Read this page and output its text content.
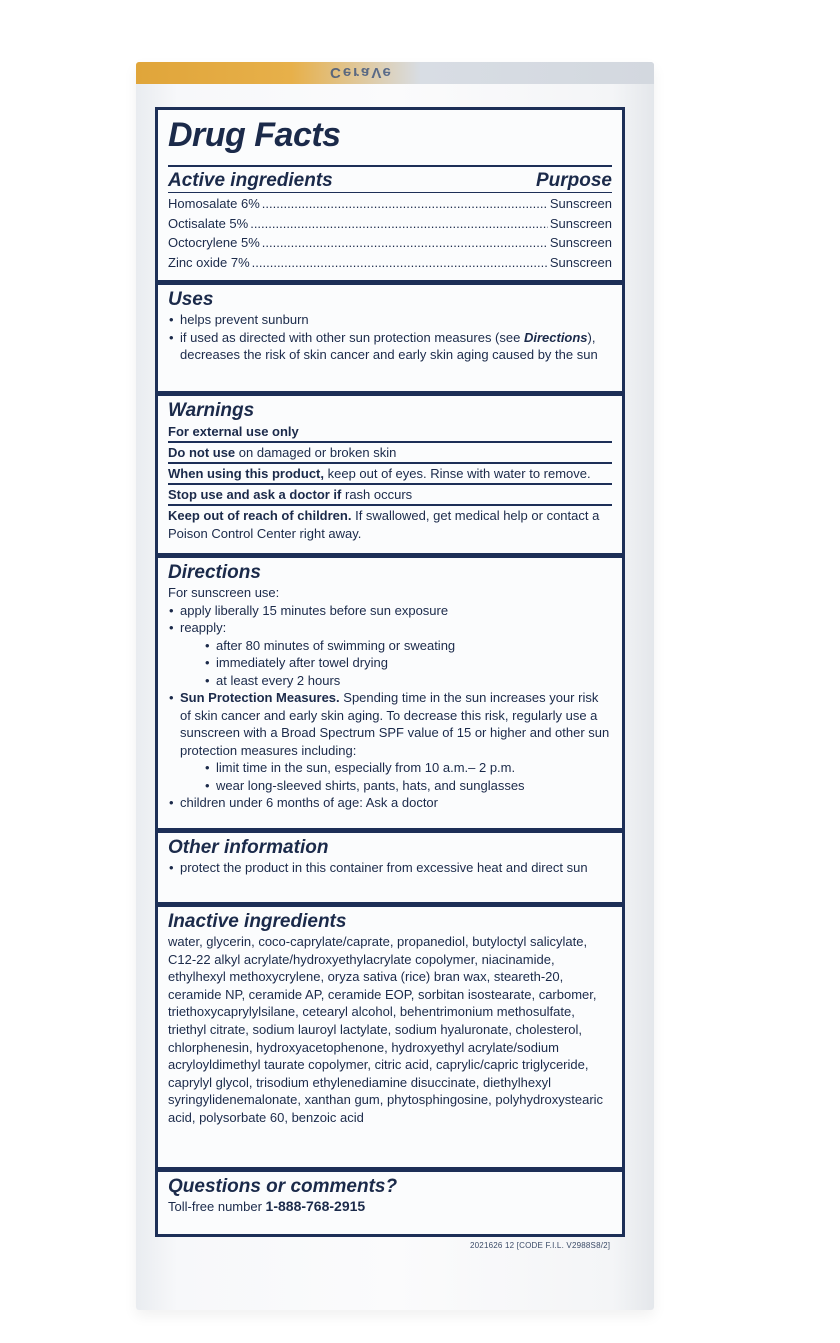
CeraVe
Drug Facts
Active ingredients	Purpose
Homosalate 6% .....	Sunscreen
Octisalate 5% .....	Sunscreen
Octocrylene 5% .....	Sunscreen
Zinc oxide 7% .....	Sunscreen
Uses
• helps prevent sunburn
• if used as directed with other sun protection measures (see Directions), decreases the risk of skin cancer and early skin aging caused by the sun
Warnings
For external use only
Do not use on damaged or broken skin
When using this product, keep out of eyes. Rinse with water to remove.
Stop use and ask a doctor if rash occurs
Keep out of reach of children. If swallowed, get medical help or contact a Poison Control Center right away.
Directions
For sunscreen use:
• apply liberally 15 minutes before sun exposure
• reapply:
• after 80 minutes of swimming or sweating
• immediately after towel drying
• at least every 2 hours
• Sun Protection Measures. Spending time in the sun increases your risk of skin cancer and early skin aging. To decrease this risk, regularly use a sunscreen with a Broad Spectrum SPF value of 15 or higher and other sun protection measures including:
• limit time in the sun, especially from 10 a.m.– 2 p.m.
• wear long-sleeved shirts, pants, hats, and sunglasses
• children under 6 months of age: Ask a doctor
Other information
• protect the product in this container from excessive heat and direct sun
Inactive ingredients
water, glycerin, coco-caprylate/caprate, propanediol, butyloctyl salicylate, C12-22 alkyl acrylate/hydroxyethylacrylate copolymer, niacinamide, ethylhexyl methoxycrylene, oryza sativa (rice) bran wax, steareth-20, ceramide NP, ceramide AP, ceramide EOP, sorbitan isostearate, carbomer, triethoxycaprylylsilane, cetearyl alcohol, behentrimonium methosulfate, triethyl citrate, sodium lauroyl lactylate, sodium hyaluronate, cholesterol, chlorphenesin, hydroxyacetophenone, hydroxyethyl acrylate/sodium acryloyldimethyl taurate copolymer, citric acid, caprylic/capric triglyceride, caprylyl glycol, trisodium ethylenediamine disuccinate, diethylhexyl syringylidenemalonate, xanthan gum, phytosphingosine, polyhydroxystearic acid, polysorbate 60, benzoic acid
Questions or comments?
Toll-free number 1-888-768-2915
2021626 12 [CODE F.I.L. V2988S8/2]
